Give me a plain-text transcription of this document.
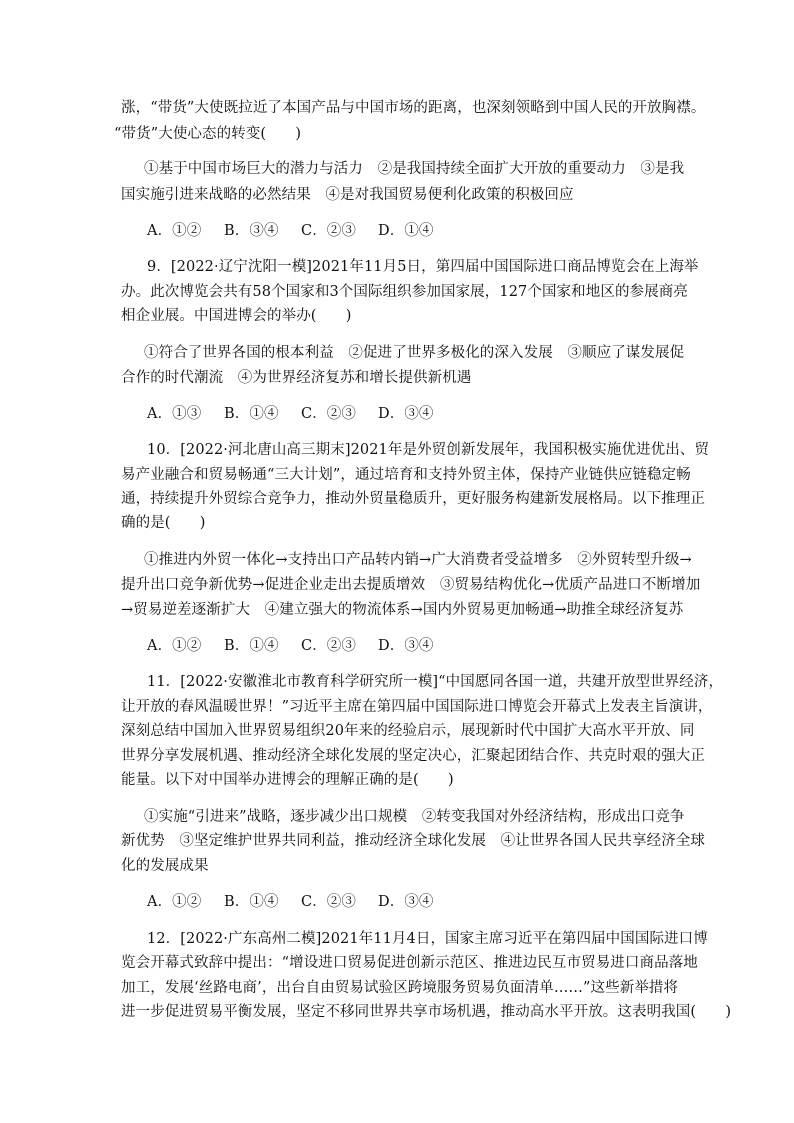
涨，“带货”大使既拉近了本国产品与中国市场的距离，也深刻领略到中国人民的开放胸襟。
“带货”大使心态的转变(　　)
①基于中国市场巨大的潜力与活力　②是我国持续全面扩大开放的重要动力　③是我
国实施引进来战略的必然结果　④是对我国贸易便利化政策的积极回应
A．①② B．③④ C．②③ D．①④
9．[2022·辽宁沈阳一模]2021年11月5日，第四届中国国际进口商品博览会在上海举
办。此次博览会共有58个国家和3个国际组织参加国家展，127个国家和地区的参展商亮
相企业展。中国进博会的举办(　　)
①符合了世界各国的根本利益　②促进了世界多极化的深入发展　③顺应了谋发展促
合作的时代潮流　④为世界经济复苏和增长提供新机遇
A．①③ B．①④ C．②③ D．③④
10．[2022·河北唐山高三期末]2021年是外贸创新发展年，我国积极实施优进优出、贸
易产业融合和贸易畅通“三大计划”，通过培育和支持外贸主体，保持产业链供应链稳定畅
通，持续提升外贸综合竞争力，推动外贸量稳质升，更好服务构建新发展格局。以下推理正
确的是(　　)
①推进内外贸一体化→支持出口产品转内销→广大消费者受益增多　②外贸转型升级→
提升出口竞争新优势→促进企业走出去提质增效　③贸易结构优化→优质产品进口不断增加
→贸易逆差逐渐扩大　④建立强大的物流体系→国内外贸易更加畅通→助推全球经济复苏
A．①② B．①④ C．②③ D．③④
11．[2022·安徽淮北市教育科学研究所一模]“中国愿同各国一道，共建开放型世界经济，
让开放的春风温暖世界！”习近平主席在第四届中国国际进口博览会开幕式上发表主旨演讲，
深刻总结中国加入世界贸易组织20年来的经验启示，展现新时代中国扩大高水平开放、同
世界分享发展机遇、推动经济全球化发展的坚定决心，汇聚起团结合作、共克时艰的强大正
能量。以下对中国举办进博会的理解正确的是(　　)
①实施“引进来”战略，逐步减少出口规模　②转变我国对外经济结构，形成出口竞争
新优势　③坚定维护世界共同利益，推动经济全球化发展　④让世界各国人民共享经济全球
化的发展成果
A．①② B．①④ C．②③ D．③④
12．[2022·广东高州二模]2021年11月4日，国家主席习近平在第四届中国国际进口博
览会开幕式致辞中提出：“增设进口贸易促进创新示范区、推进边民互市贸易进口商品落地
加工，发展‘丝路电商’，出台自由贸易试验区跨境服务贸易负面清单……”这些新举措将
进一步促进贸易平衡发展，坚定不移同世界共享市场机遇，推动高水平开放。这表明我国(　　)
